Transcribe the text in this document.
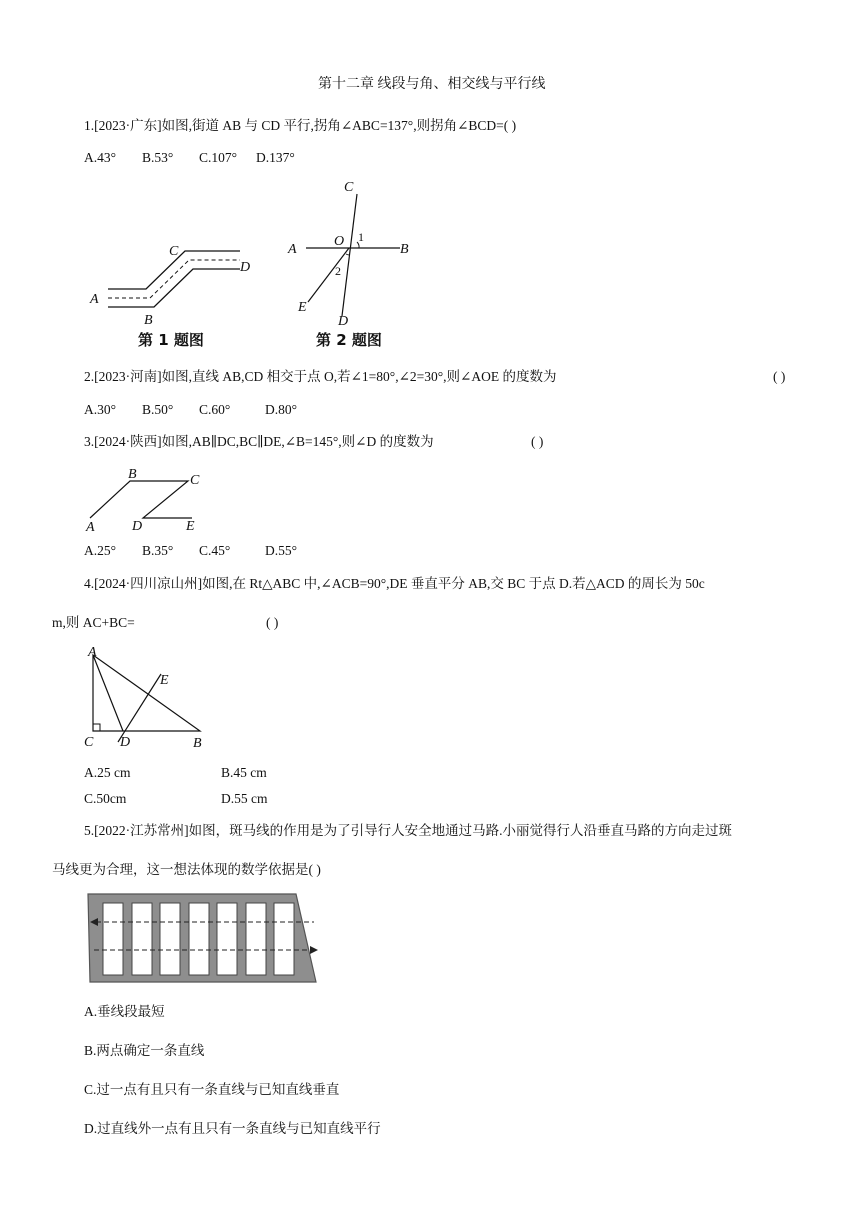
第十二章 线段与角、相交线与平行线
1.[2023·广东]如图,街道 AB 与 CD 平行,拐角∠ABC=137°,则拐角∠BCD=( )
A.43° B.53° C.107° D.137°
A
B
C
D
第 1 题图
C
A	B
O 1
2
E
D
第 2 题图
2.[2023·河南]如图,直线 AB,CD 相交于点 O,若∠1=80°,∠2=30°,则∠AOE 的度数为	( )
A.30° B.50° C.60°	D.80°
3.[2024·陕西]如图,AB∥DC,BC∥DE,∠B=145°,则∠D 的度数为	( )
B	C
A	D	E
A.25° B.35° C.45°	D.55°
4.[2024·四川凉山州]如图,在 Rt△ABC 中,∠ACB=90°,DE 垂直平分 AB,交 BC 于点 D.若△ACD 的周长为 50c
m,则 AC+BC=	( )
A
E
C D	B
A.25 cm	B.45 cm
C.50cm	D.55 cm
5.[2022·江苏常州]如图，斑马线的作用是为了引导行人安全地通过马路.小丽觉得行人沿垂直马路的方向走过斑
马线更为合理，这一想法体现的数学依据是( )
A.垂线段最短
B.两点确定一条直线
C.过一点有且只有一条直线与已知直线垂直
D.过直线外一点有且只有一条直线与已知直线平行
